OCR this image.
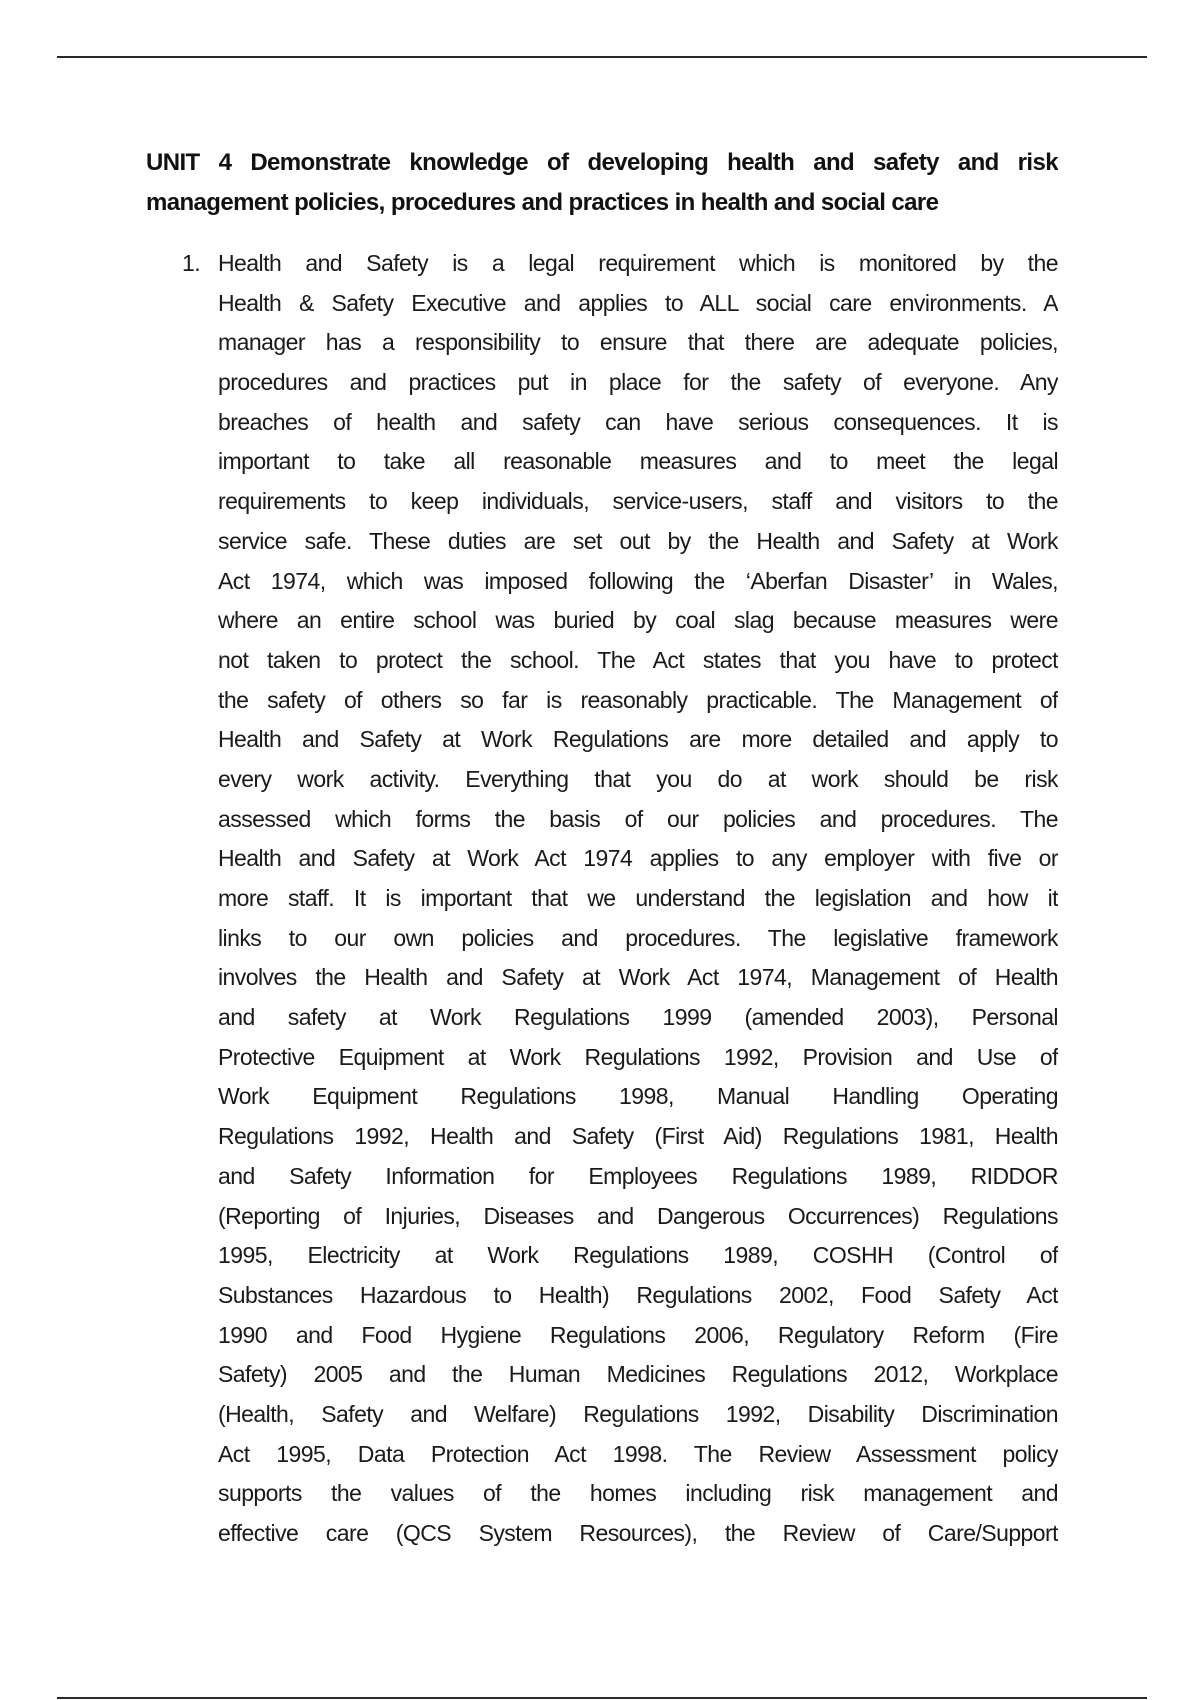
UNIT 4 Demonstrate knowledge of developing health and safety and risk
management policies, procedures and practices in health and social care
1. Health and Safety is a legal requirement which is monitored by the
Health & Safety Executive and applies to ALL social care environments. A
manager has a responsibility to ensure that there are adequate policies,
procedures and practices put in place for the safety of everyone. Any
breaches of health and safety can have serious consequences. It is
important to take all reasonable measures and to meet the legal
requirements to keep individuals, service-users, staff and visitors to the
service safe. These duties are set out by the Health and Safety at Work
Act 1974, which was imposed following the ‘Aberfan Disaster’ in Wales,
where an entire school was buried by coal slag because measures were
not taken to protect the school. The Act states that you have to protect
the safety of others so far is reasonably practicable. The Management of
Health and Safety at Work Regulations are more detailed and apply to
every work activity. Everything that you do at work should be risk
assessed which forms the basis of our policies and procedures. The
Health and Safety at Work Act 1974 applies to any employer with five or
more staff. It is important that we understand the legislation and how it
links to our own policies and procedures. The legislative framework
involves the Health and Safety at Work Act 1974, Management of Health
and safety at Work Regulations 1999 (amended 2003), Personal
Protective Equipment at Work Regulations 1992, Provision and Use of
Work Equipment Regulations 1998, Manual Handling Operating
Regulations 1992, Health and Safety (First Aid) Regulations 1981, Health
and Safety Information for Employees Regulations 1989, RIDDOR
(Reporting of Injuries, Diseases and Dangerous Occurrences) Regulations
1995, Electricity at Work Regulations 1989, COSHH (Control of
Substances Hazardous to Health) Regulations 2002, Food Safety Act
1990 and Food Hygiene Regulations 2006, Regulatory Reform (Fire
Safety) 2005 and the Human Medicines Regulations 2012, Workplace
(Health, Safety and Welfare) Regulations 1992, Disability Discrimination
Act 1995, Data Protection Act 1998. The Review Assessment policy
supports the values of the homes including risk management and
effective care (QCS System Resources), the Review of Care/Support
